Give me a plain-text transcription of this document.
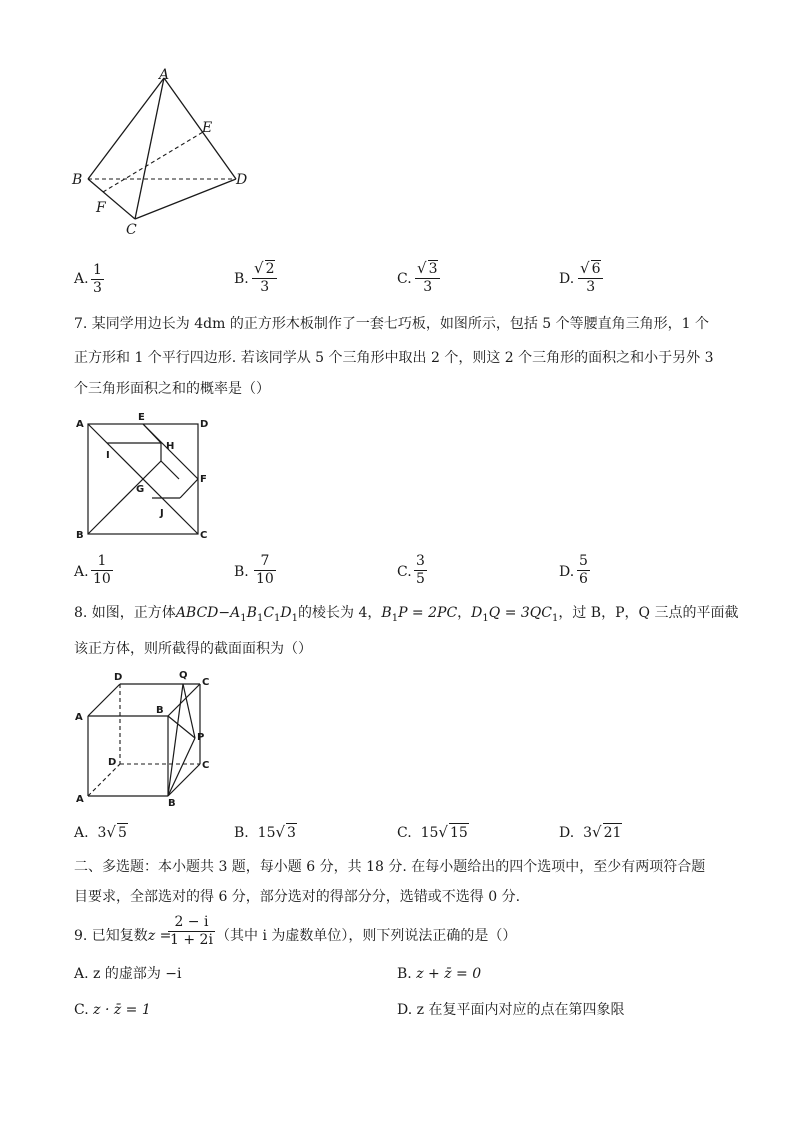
A
B
C
D
E
F
A. $\frac{1}{3}$	B. $\frac{√ 2}{3}$	C. $\frac{√ 3}{3}$	D. $\frac{√ 6}{3}$
7. 某同学用边长为 4dm 的正方形木板制作了一套七巧板，如图所示，包括 5 个等腰直角三角形，1 个
正方形和 1 个平行四边形. 若该同学从 5 个三角形中取出 2 个，则这 2 个三角形的面积之和小于另外 3
个三角形面积之和的概率是（）
A
B	C
D
E
F
G
H
I
J
A. $\frac{1}{10}$	B. $\frac{7}{10}$	C. $\frac{3}{5}$	D. $\frac{5}{6}$
8. 如图，正方体$ABCD-A_1B_1C_1D_1$的棱长为 4，$B_1P = 2PC$，$D_1Q = 3QC_1$，过 B，P，Q 三点的平面截
该正方体，则所截得的截面面积为（）
A	B
C
D
A
B
C
D
P
Q
A. 3√ 5	B. 15√ 3	C. 15√ 15	D. 3√ 21
二、多选题：本小题共 3 题，每小题 6 分，共 18 分. 在每小题给出的四个选项中，至少有两项符合题
目要求，全部选对的得 6 分，部分选对的得部分分，选错或不选得 0 分.
9. 已知复数z =
$\frac{2 - i}{1 + 2i}$ （其中 i 为虚数单位），则下列说法正确的是（）
A. z 的虚部为 −i	B. z + z̄ = 0
C. z · z̄ = 1	D. z 在复平面内对应的点在第四象限
